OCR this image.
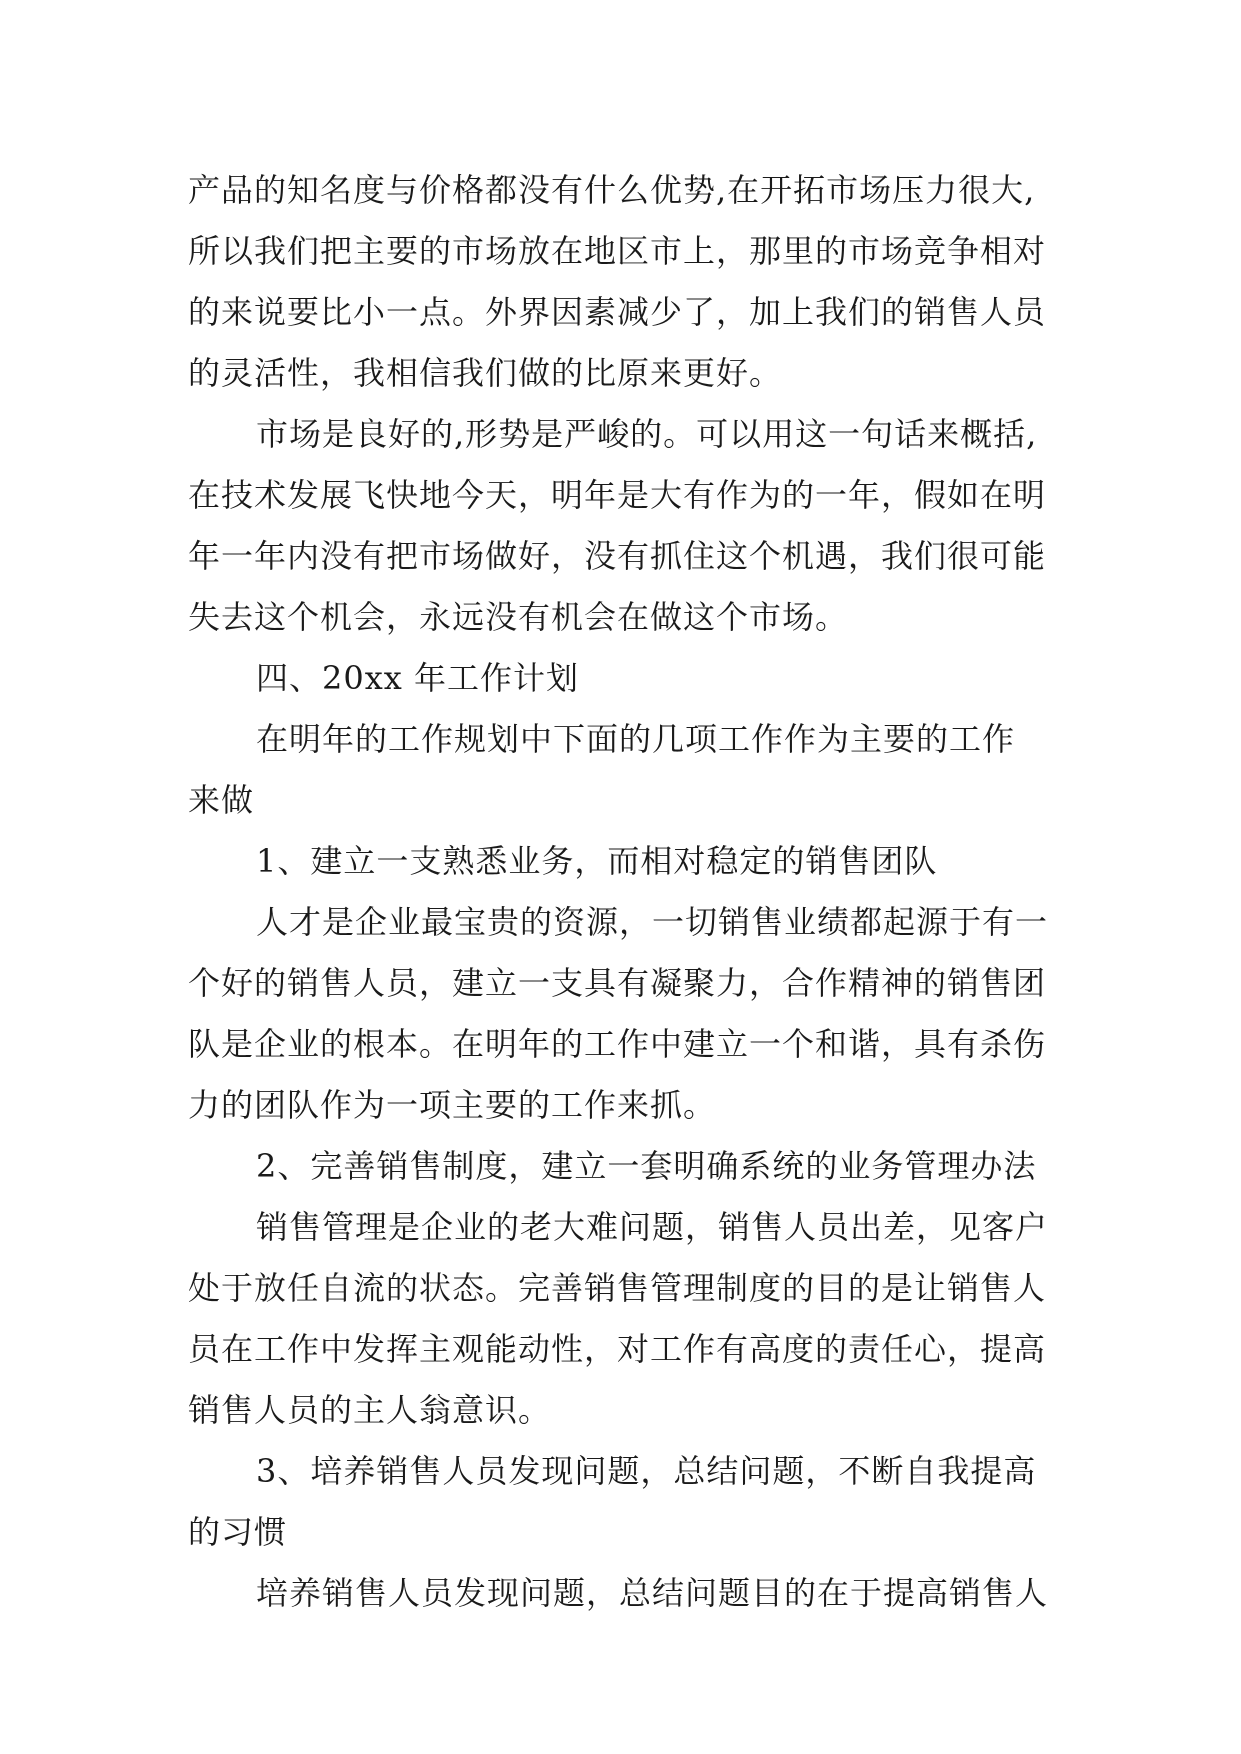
产品的知名度与价格都没有什么优势,在开拓市场压力很大,
所以我们把主要的市场放在地区市上，那里的市场竞争相对
的来说要比小一点。外界因素减少了，加上我们的销售人员
的灵活性，我相信我们做的比原来更好。
市场是良好的,形势是严峻的。可以用这一句话来概括,
在技术发展飞快地今天，明年是大有作为的一年，假如在明
年一年内没有把市场做好，没有抓住这个机遇，我们很可能
失去这个机会，永远没有机会在做这个市场。
四、20xx 年工作计划
在明年的工作规划中下面的几项工作作为主要的工作
来做
1、建立一支熟悉业务，而相对稳定的销售团队
人才是企业最宝贵的资源，一切销售业绩都起源于有一
个好的销售人员，建立一支具有凝聚力，合作精神的销售团
队是企业的根本。在明年的工作中建立一个和谐，具有杀伤
力的团队作为一项主要的工作来抓。
2、完善销售制度，建立一套明确系统的业务管理办法
销售管理是企业的老大难问题，销售人员出差，见客户
处于放任自流的状态。完善销售管理制度的目的是让销售人
员在工作中发挥主观能动性，对工作有高度的责任心，提高
销售人员的主人翁意识。
3、培养销售人员发现问题，总结问题，不断自我提高
的习惯
培养销售人员发现问题，总结问题目的在于提高销售人
